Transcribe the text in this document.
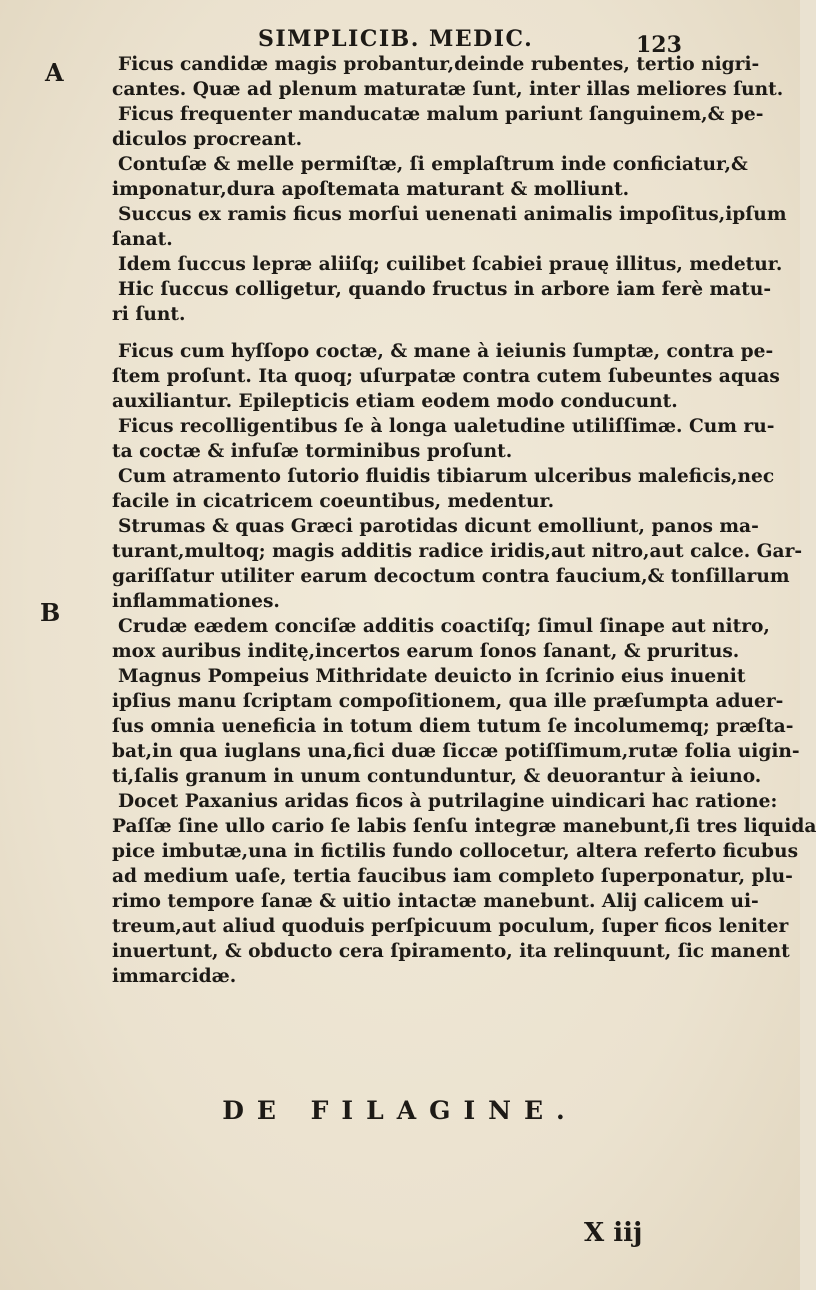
SIMPLICIB. MEDIC.	123
A
B

Ficus candidæ magis probantur,deinde rubentes, tertio nigri-
cantes. Quæ ad plenum maturatæ ſunt, inter illas meliores ſunt.

Ficus frequenter manducatæ malum pariunt ſanguinem,& pe-
diculos procreant.

Contuſæ & melle permiſtæ, ſi emplaſtrum inde conficiatur,&
imponatur,dura apoſtemata maturant & molliunt.

Succus ex ramis ficus morſui uenenati animalis impoſitus,ipſum
ſanat.

Idem ſuccus lepræ aliiſq; cuilibet ſcabiei prauę illitus, medetur.

Hic ſuccus colligetur, quando fructus in arbore iam ferè matu-
ri ſunt.

Ficus cum hyſſopo coctæ, & mane à ieiunis ſumptæ, contra pe-
ſtem proſunt. Ita quoq; uſurpatæ contra cutem ſubeuntes aquas
auxiliantur. Epilepticis etiam eodem modo conducunt.

Ficus recolligentibus ſe à longa ualetudine utiliſſimæ. Cum ru-
ta coctæ & infuſæ torminibus proſunt.

Cum atramento ſutorio fluidis tibiarum ulceribus maleficis,nec
facile in cicatricem coeuntibus, medentur.

Strumas & quas Græci parotidas dicunt emolliunt, panos ma-
turant,multoq; magis additis radice iridis,aut nitro,aut calce. Gar-
gariſſatur utiliter earum decoctum contra faucium,& tonſillarum
inflammationes.

Crudæ eædem conciſæ additis coactiſq; ſimul ſinape aut nitro,
mox auribus inditę,incertos earum ſonos ſanant, & pruritus.

Magnus Pompeius Mithridate deuicto in ſcrinio eius inuenit
ipſius manu ſcriptam compoſitionem, qua ille præſumpta aduer-
ſus omnia ueneficia in totum diem tutum ſe incolumemq; præſta-
bat,in qua iuglans una,fici duæ ſiccæ potiſſimum,rutæ folia uigin-
ti,ſalis granum in unum contunduntur, & deuorantur à ieiuno.

Docet Paxanius aridas ficos à putrilagine uindicari hac ratione:
Paſſæ ſine ullo cario ſe labis ſenſu integræ manebunt,ſi tres liquida
pice imbutæ,una in fictilis fundo collocetur, altera referto ficubus
ad medium uaſe, tertia faucibus iam completo ſuperponatur, plu-
rimo tempore ſanæ & uitio intactæ manebunt. Alij calicem ui-
treum,aut aliud quoduis perſpicuum poculum, ſuper ficos leniter
inuertunt, & obducto cera ſpiramento, ita relinquunt, ſic manent
immarcidæ.

DE FILAGINE.
X iij
